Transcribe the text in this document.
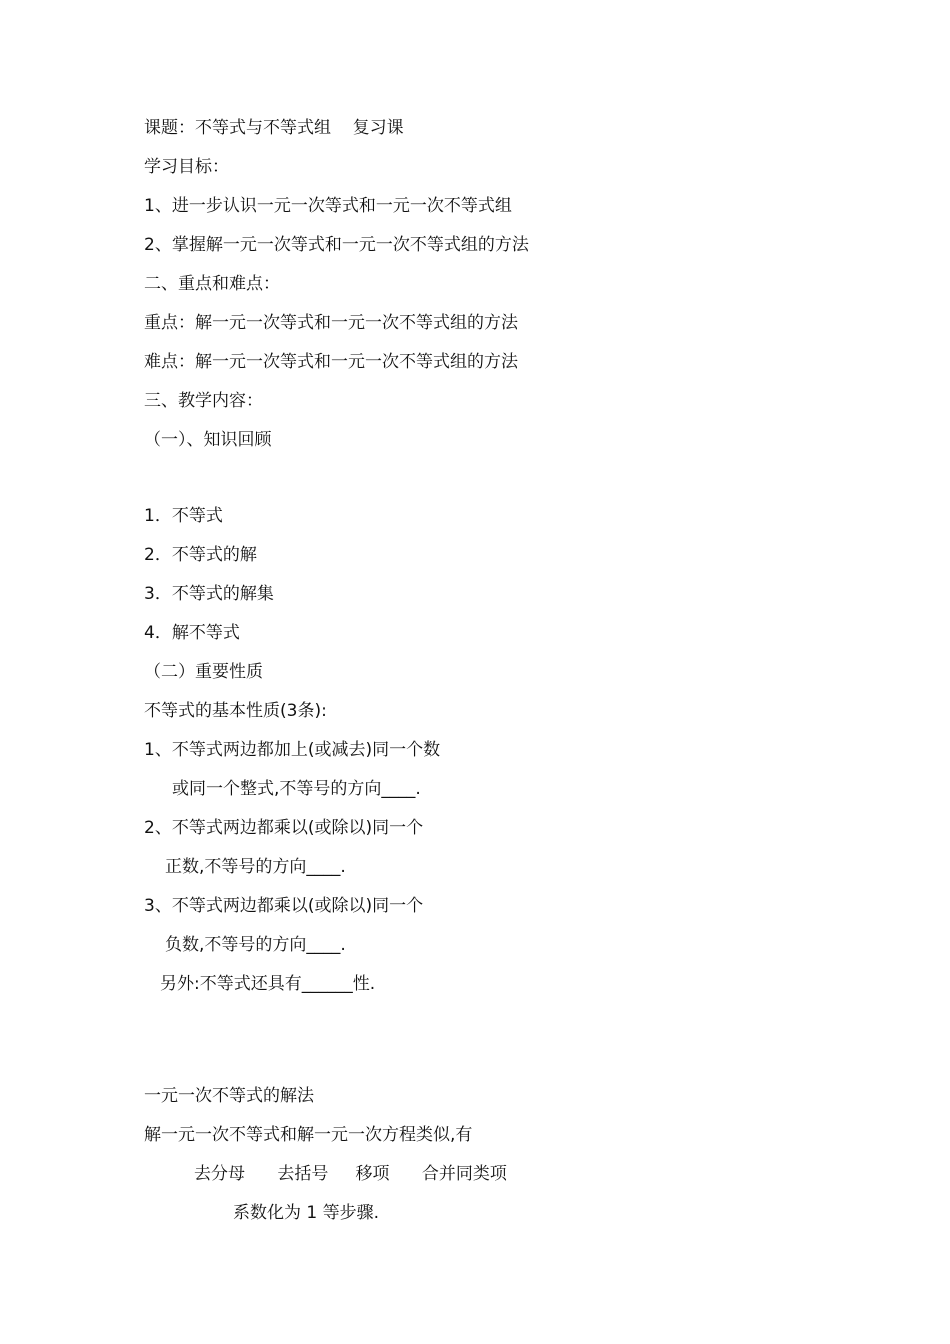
课题：不等式与不等式组    复习课
学习目标：
1、进一步认识一元一次等式和一元一次不等式组
2、掌握解一元一次等式和一元一次不等式组的方法
二、重点和难点：
重点：解一元一次等式和一元一次不等式组的方法
难点：解一元一次等式和一元一次不等式组的方法
三、教学内容：
（一）、知识回顾
1．不等式
2．不等式的解
3．不等式的解集
4．解不等式
（二）重要性质
不等式的基本性质(3条):
1、不等式两边都加上(或减去)同一个数
或同一个整式,不等号的方向____.
2、不等式两边都乘以(或除以)同一个
正数,不等号的方向____.
3、不等式两边都乘以(或除以)同一个
负数,不等号的方向____.
另外:不等式还具有______性.
一元一次不等式的解法
解一元一次不等式和解一元一次方程类似,有
去分母      去括号     移项      合并同类项
系数化为 1 等步骤.
